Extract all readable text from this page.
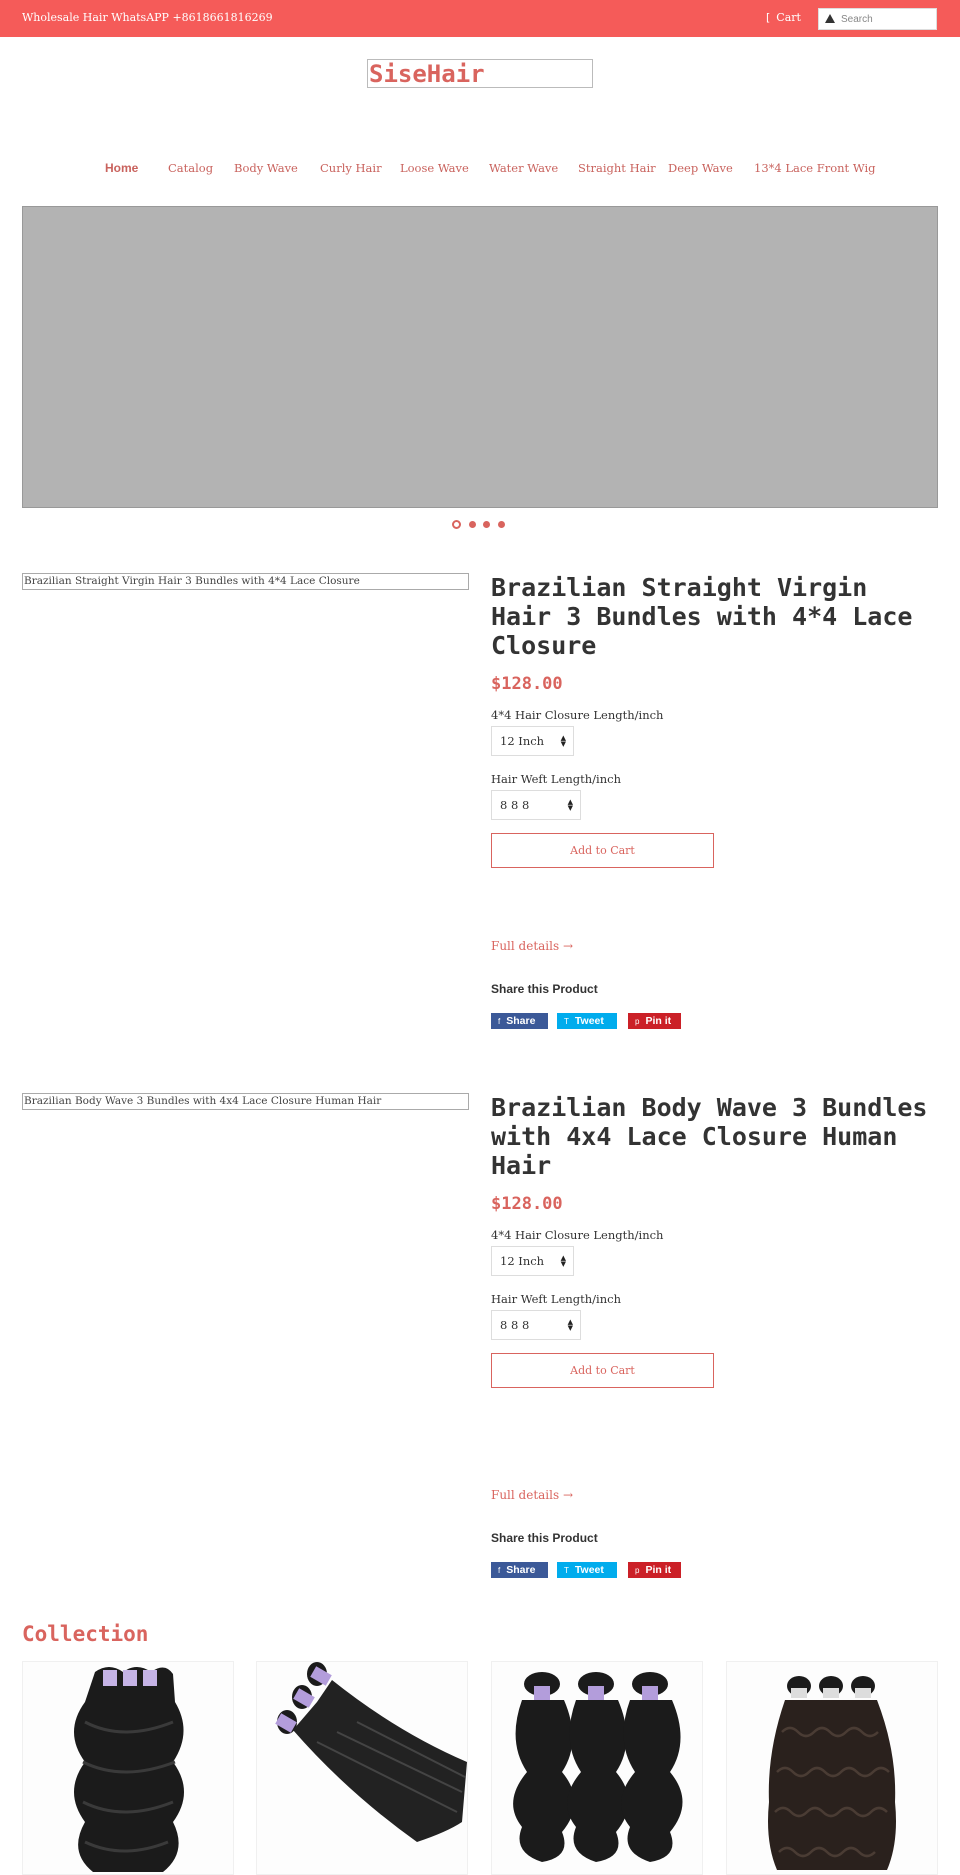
Wholesale Hair WhatsAPP +8618661816269	[ Cart
Search
SiseHair
Home	Catalog Body Wave Curly Hair Loose Wave Water Wave Straight Hair Deep Wave 13*4 Lace Front Wig
Brazilian Straight Virgin Hair 3 Bundles with 4*4 Lace Closure	Brazilian Straight Virgin Hair 3 Bundles with 4*4 Lace Closure
$128.00
4*4 Hair Closure Length/inch
12 Inch ▲
▼
Hair Weft Length/inch
8 8 8	▲
▼
Add to Cart
Full details →
Share this Product
f Share	T Tweet	p Pin it
Brazilian Body Wave 3 Bundles with 4x4 Lace Closure Human Hair	Brazilian Body Wave 3 Bundles with 4x4 Lace Closure Human Hair
$128.00
4*4 Hair Closure Length/inch
12 Inch ▲
▼
Hair Weft Length/inch
8 8 8	▲
▼
Add to Cart
Full details →
Share this Product
f Share	T Tweet	p Pin it
Collection
